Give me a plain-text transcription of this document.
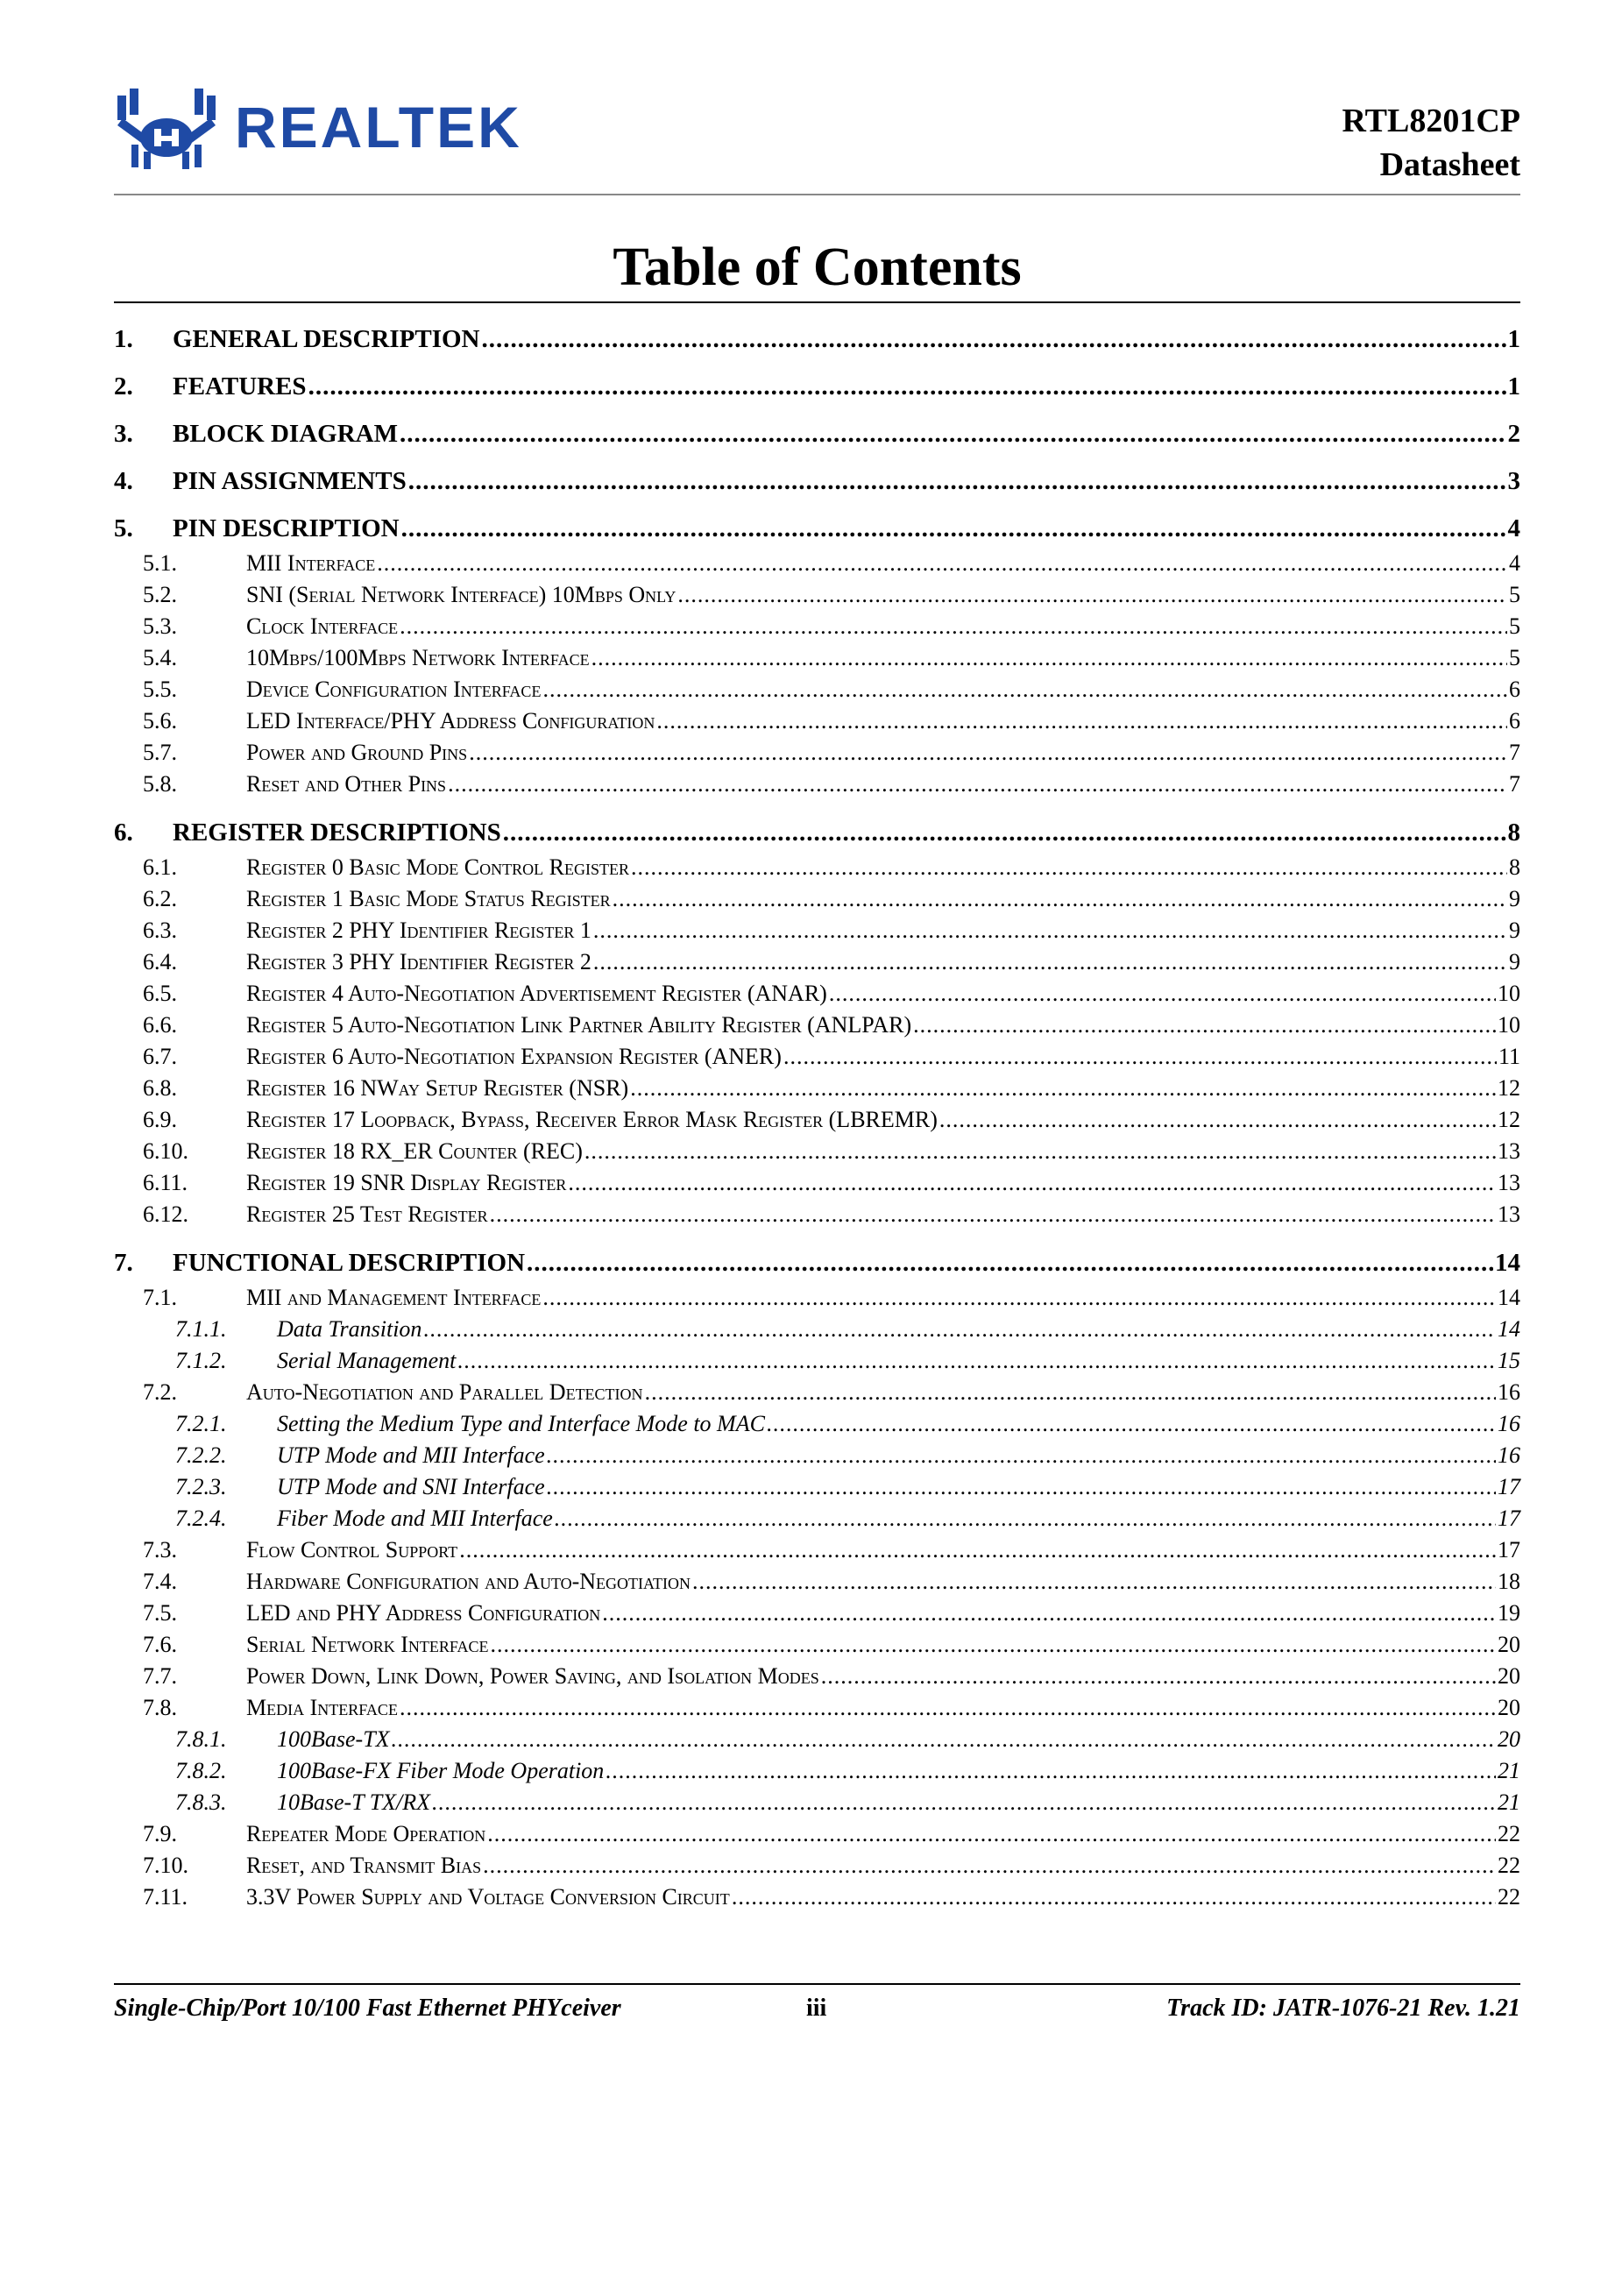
REALTEK	RTL8201CP
Datasheet
Table of Contents
1.	GENERAL DESCRIPTION .....	1
2.	FEATURES .....	1
3.	BLOCK DIAGRAM .....	2
4.	PIN ASSIGNMENTS .....	3
5.	PIN DESCRIPTION .....	4
5.1.	MII Interface .....	4
5.2.	SNI (Serial Network Interface) 10Mbps Only .....	5
5.3.	Clock Interface .....	5
5.4.	10Mbps/100Mbps Network Interface .....	5
5.5.	Device Configuration Interface .....	6
5.6.	LED Interface/PHY Address Configuration .....	6
5.7.	Power and Ground Pins .....	7
5.8.	Reset and Other Pins .....	7
6.	REGISTER DESCRIPTIONS .....	8
6.1.	Register 0 Basic Mode Control Register .....	8
6.2.	Register 1 Basic Mode Status Register .....	9
6.3.	Register 2 PHY Identifier Register 1 .....	9
6.4.	Register 3 PHY Identifier Register 2 .....	9
6.5.	Register 4 Auto-Negotiation Advertisement Register (ANAR) .....	10
6.6.	Register 5 Auto-Negotiation Link Partner Ability Register (ANLPAR) .....	10
6.7.	Register 6 Auto-Negotiation Expansion Register (ANER) .....	11
6.8.	Register 16 NWay Setup Register (NSR) .....	12
6.9.	Register 17 Loopback, Bypass, Receiver Error Mask Register (LBREMR) .....	12
6.10.	Register 18 RX_ER Counter (REC) .....	13
6.11.	Register 19 SNR Display Register .....	13
6.12.	Register 25 Test Register .....	13
7.	FUNCTIONAL DESCRIPTION .....	14
7.1.	MII and Management Interface .....	14
7.1.1.	Data Transition .....	14
7.1.2.	Serial Management .....	15
7.2.	Auto-Negotiation and Parallel Detection .....	16
7.2.1.	Setting the Medium Type and Interface Mode to MAC .....	16
7.2.2.	UTP Mode and MII Interface .....	16
7.2.3.	UTP Mode and SNI Interface .....	17
7.2.4.	Fiber Mode and MII Interface .....	17
7.3.	Flow Control Support .....	17
7.4.	Hardware Configuration and Auto-Negotiation .....	18
7.5.	LED and PHY Address Configuration .....	19
7.6.	Serial Network Interface .....	20
7.7.	Power Down, Link Down, Power Saving, and Isolation Modes .....	20
7.8.	Media Interface .....	20
7.8.1.	100Base-TX .....	20
7.8.2.	100Base-FX Fiber Mode Operation .....	21
7.8.3.	10Base-T TX/RX .....	21
7.9.	Repeater Mode Operation .....	22
7.10.	Reset, and Transmit Bias .....	22
7.11.	3.3V Power Supply and Voltage Conversion Circuit .....	22
Single-Chip/Port 10/100 Fast Ethernet PHYceiver	iii	Track ID: JATR-1076-21 Rev. 1.21
